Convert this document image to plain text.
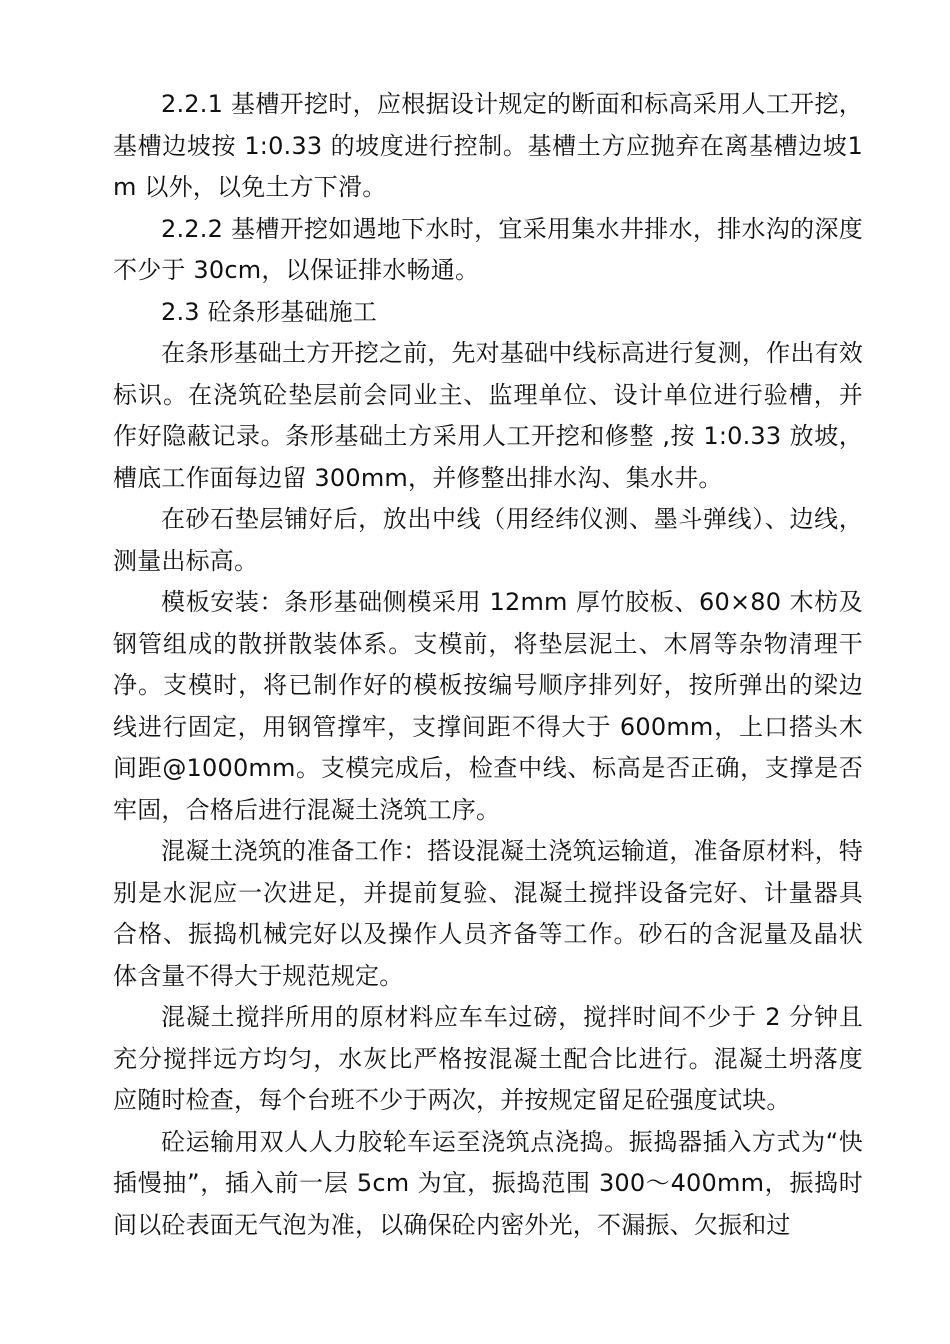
2.2.1 基槽开挖时，应根据设计规定的断面和标高采用人工开挖，基槽边坡按 1:0.33 的坡度进行控制。基槽土方应抛弃在离基槽边坡1m 以外，以免土方下滑。

2.2.2 基槽开挖如遇地下水时，宜采用集水井排水，排水沟的深度不少于 30cm，以保证排水畅通。

2.3 砼条形基础施工

在条形基础土方开挖之前，先对基础中线标高进行复测，作出有效标识。在浇筑砼垫层前会同业主、监理单位、设计单位进行验槽，并作好隐蔽记录。条形基础土方采用人工开挖和修整 ,按 1:0.33 放坡，槽底工作面每边留 300mm，并修整出排水沟、集水井。

在砂石垫层铺好后，放出中线（用经纬仪测、墨斗弹线）、边线，测量出标高。

模板安装：条形基础侧模采用 12mm 厚竹胶板、60×80 木枋及钢管组成的散拼散装体系。支模前，将垫层泥土、木屑等杂物清理干净。支模时，将已制作好的模板按编号顺序排列好，按所弹出的梁边线进行固定，用钢管撑牢，支撑间距不得大于 600mm，上口搭头木间距@1000mm。支模完成后，检查中线、标高是否正确，支撑是否牢固，合格后进行混凝土浇筑工序。

混凝土浇筑的准备工作：搭设混凝土浇筑运输道，准备原材料，特别是水泥应一次进足，并提前复验、混凝土搅拌设备完好、计量器具合格、振捣机械完好以及操作人员齐备等工作。砂石的含泥量及晶状体含量不得大于规范规定。

混凝土搅拌所用的原材料应车车过磅，搅拌时间不少于 2 分钟且充分搅拌远方均匀，水灰比严格按混凝土配合比进行。混凝土坍落度应随时检查，每个台班不少于两次，并按规定留足砼强度试块。

砼运输用双人人力胶轮车运至浇筑点浇捣。振捣器插入方式为“快插慢抽”，插入前一层 5cm 为宜，振捣范围 300～400mm，振捣时间以砼表面无气泡为准，以确保砼内密外光，不漏振、欠振和过
